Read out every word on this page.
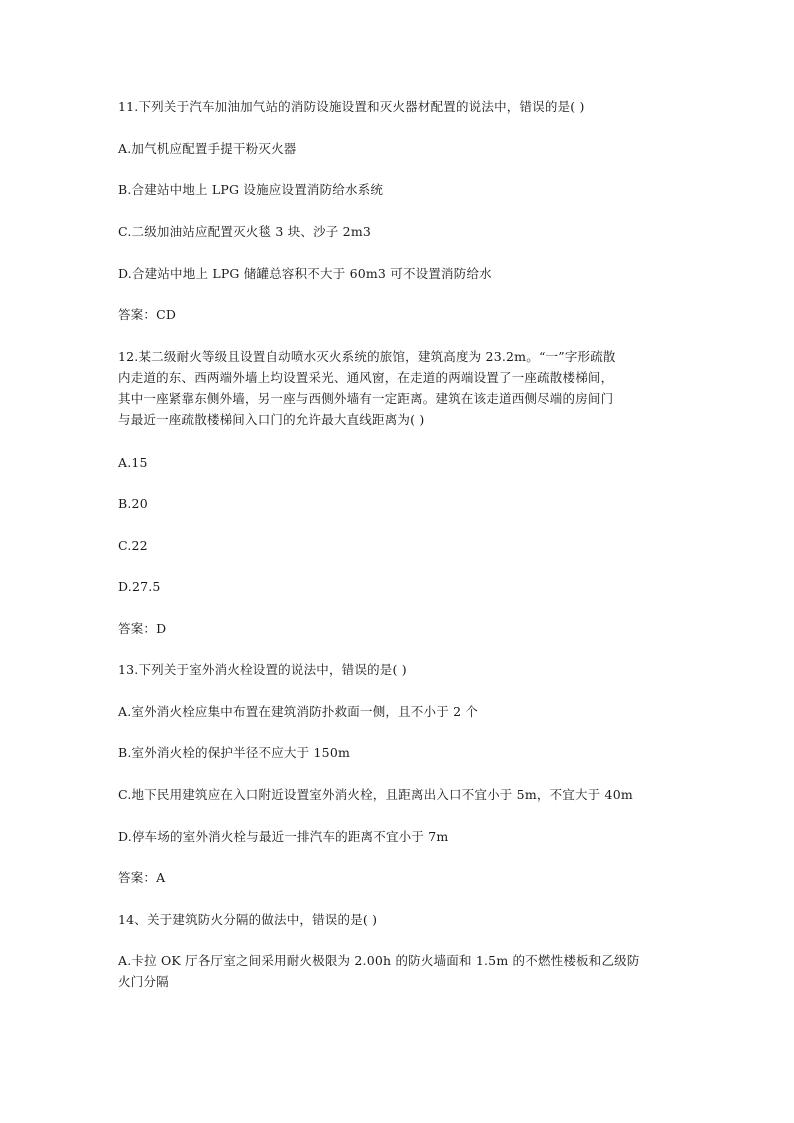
11.下列关于汽车加油加气站的消防设施设置和灭火器材配置的说法中，错误的是( )
A.加气机应配置手提干粉灭火器
B.合建站中地上 LPG 设施应设置消防给水系统
C.二级加油站应配置灭火毯 3 块、沙子 2m3
D.合建站中地上 LPG 储罐总容积不大于 60m3 可不设置消防给水
答案：CD
12.某二级耐火等级且设置自动喷水灭火系统的旅馆，建筑高度为 23.2m。“一”字形疏散
内走道的东、西两端外墙上均设置采光、通风窗，在走道的两端设置了一座疏散楼梯间，
其中一座紧靠东侧外墙，另一座与西侧外墙有一定距离。建筑在该走道西侧尽端的房间门
与最近一座疏散楼梯间入口门的允许最大直线距离为( )
A.15
B.20
C.22
D.27.5
答案：D
13.下列关于室外消火栓设置的说法中，错误的是( )
A.室外消火栓应集中布置在建筑消防扑救面一侧，且不小于 2 个
B.室外消火栓的保护半径不应大于 150m
C.地下民用建筑应在入口附近设置室外消火栓，且距离出入口不宜小于 5m，不宜大于 40m
D.停车场的室外消火栓与最近一排汽车的距离不宜小于 7m
答案：A
14、关于建筑防火分隔的做法中，错误的是( )
A.卡拉 OK 厅各厅室之间采用耐火极限为 2.00h 的防火墙面和 1.5m 的不燃性楼板和乙级防
火门分隔
